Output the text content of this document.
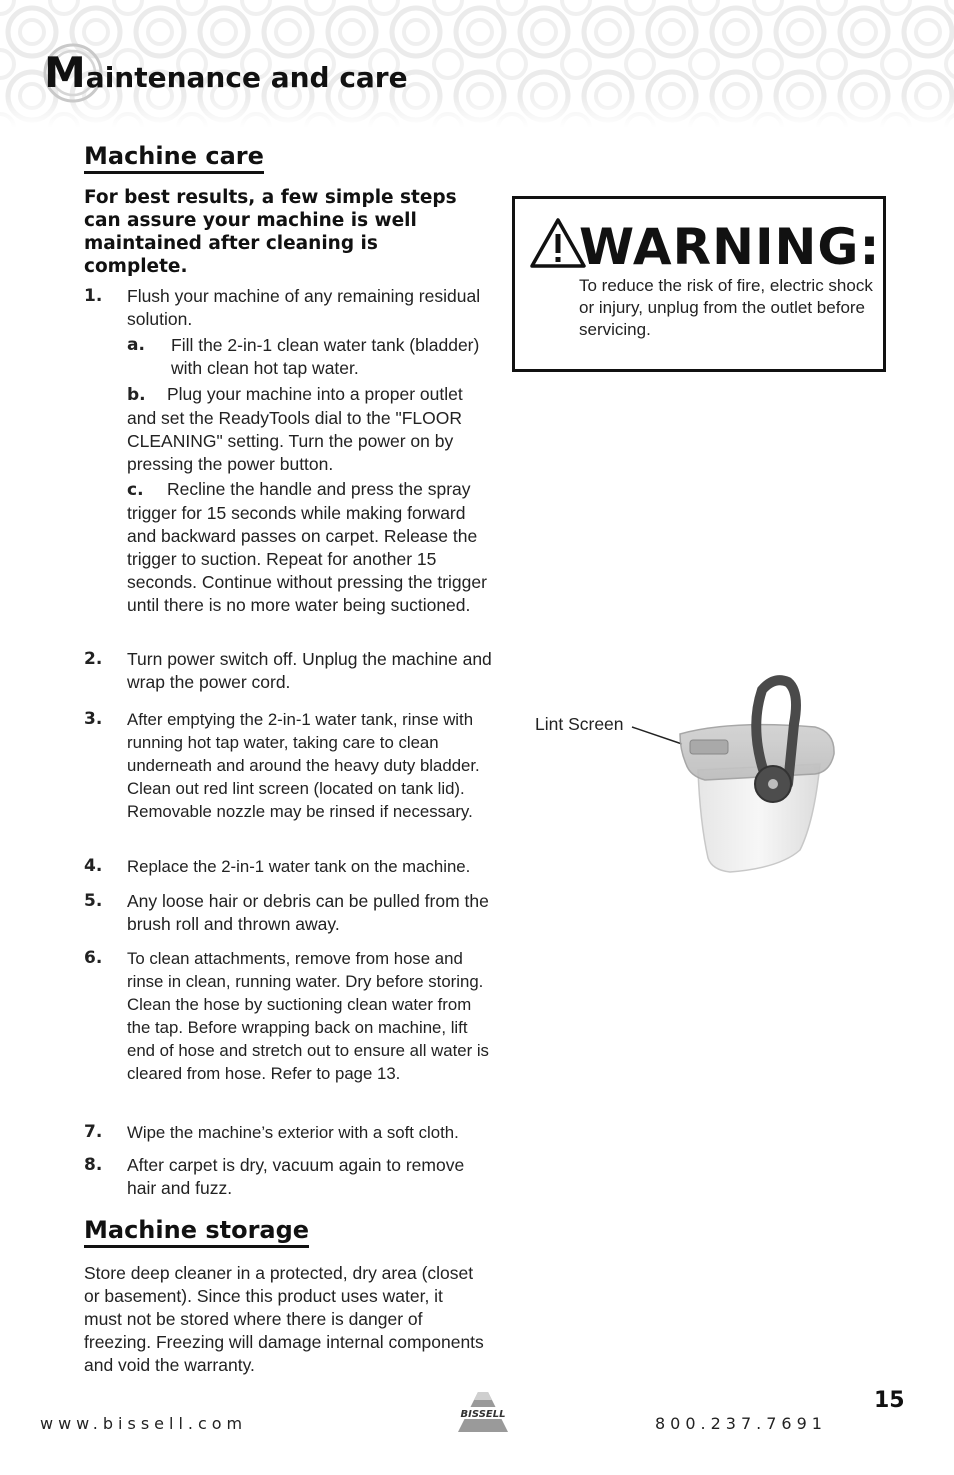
Maintenance and care
Machine care

For best results, a few simple steps can assure your machine is well maintained after cleaning is complete.

1. Flush your machine of any remaining residual solution.
a.	Fill the 2-in-1 clean water tank (bladder) with clean hot tap water.
b. Plug your machine into a proper outlet and set the ReadyTools dial to the "FLOOR CLEANING" setting. Turn the power on by pressing the power button.
c. Recline the handle and press the spray trigger for 15 seconds while making forward and backward passes on carpet. Release the trigger to suction. Repeat for another 15 seconds. Continue without pressing the trigger until there is no more water being suctioned.
2. Turn power switch off. Unplug the machine and wrap the power cord.
3. After emptying the 2-in-1 water tank, rinse with running hot tap water, taking care to clean underneath and around the heavy duty bladder. Clean out red lint screen (located on tank lid). Removable nozzle may be rinsed if necessary.
4. Replace the 2-in-1 water tank on the machine.
5. Any loose hair or debris can be pulled from the brush roll and thrown away.
6. To clean attachments, remove from hose and rinse in clean, running water. Dry before storing. Clean the hose by suctioning clean water from the tap. Before wrapping back on machine, lift end of hose and stretch out to ensure all water is cleared from hose. Refer to page 13.
7. Wipe the machine’s exterior with a soft cloth.
8. After carpet is dry, vacuum again to remove hair and fuzz.
Machine storage

Store deep cleaner in a protected, dry area (closet or basement). Since this product uses water, it must not be stored where there is danger of freezing. Freezing will damage internal components and void the warranty.

WARNING:

To reduce the risk of fire, electric shock or injury, unplug from the outlet before servicing.

Lint Screen
www.bissell.com	BISSELL	800.237.7691
15
